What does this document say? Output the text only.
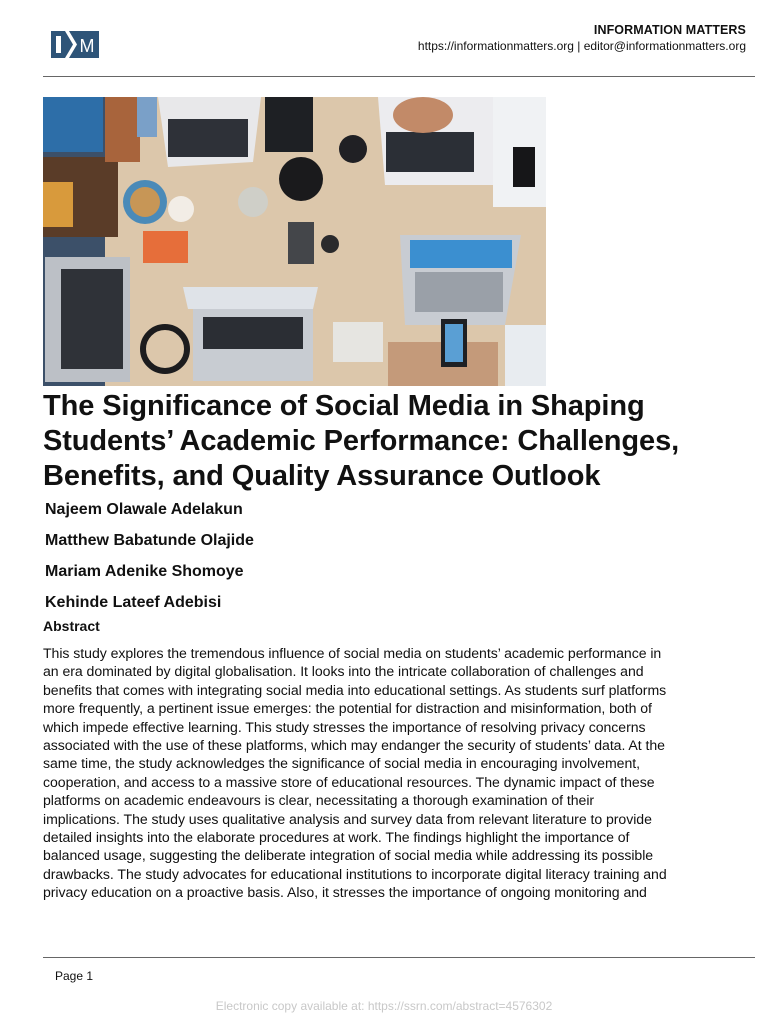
M
INFORMATION MATTERS
https://informationmatters.org | editor@informationmatters.org
The Significance of Social Media in Shaping Students’ Academic Performance: Challenges, Benefits, and Quality Assurance Outlook
Najeem Olawale Adelakun
Matthew Babatunde Olajide
Mariam Adenike Shomoye
Kehinde Lateef Adebisi
Abstract
This study explores the tremendous influence of social media on students’ academic performance in
an era dominated by digital globalisation. It looks into the intricate collaboration of challenges and
benefits that comes with integrating social media into educational settings. As students surf platforms
more frequently, a pertinent issue emerges: the potential for distraction and misinformation, both of
which impede effective learning. This study stresses the importance of resolving privacy concerns
associated with the use of these platforms, which may endanger the security of students’ data. At the
same time, the study acknowledges the significance of social media in encouraging involvement,
cooperation, and access to a massive store of educational resources. The dynamic impact of these
platforms on academic endeavours is clear, necessitating a thorough examination of their
implications. The study uses qualitative analysis and survey data from relevant literature to provide
detailed insights into the elaborate procedures at work. The findings highlight the importance of
balanced usage, suggesting the deliberate integration of social media while addressing its possible
drawbacks. The study advocates for educational institutions to incorporate digital literacy training and
privacy education on a proactive basis. Also, it stresses the importance of ongoing monitoring and
Page 1
Electronic copy available at: https://ssrn.com/abstract=4576302
